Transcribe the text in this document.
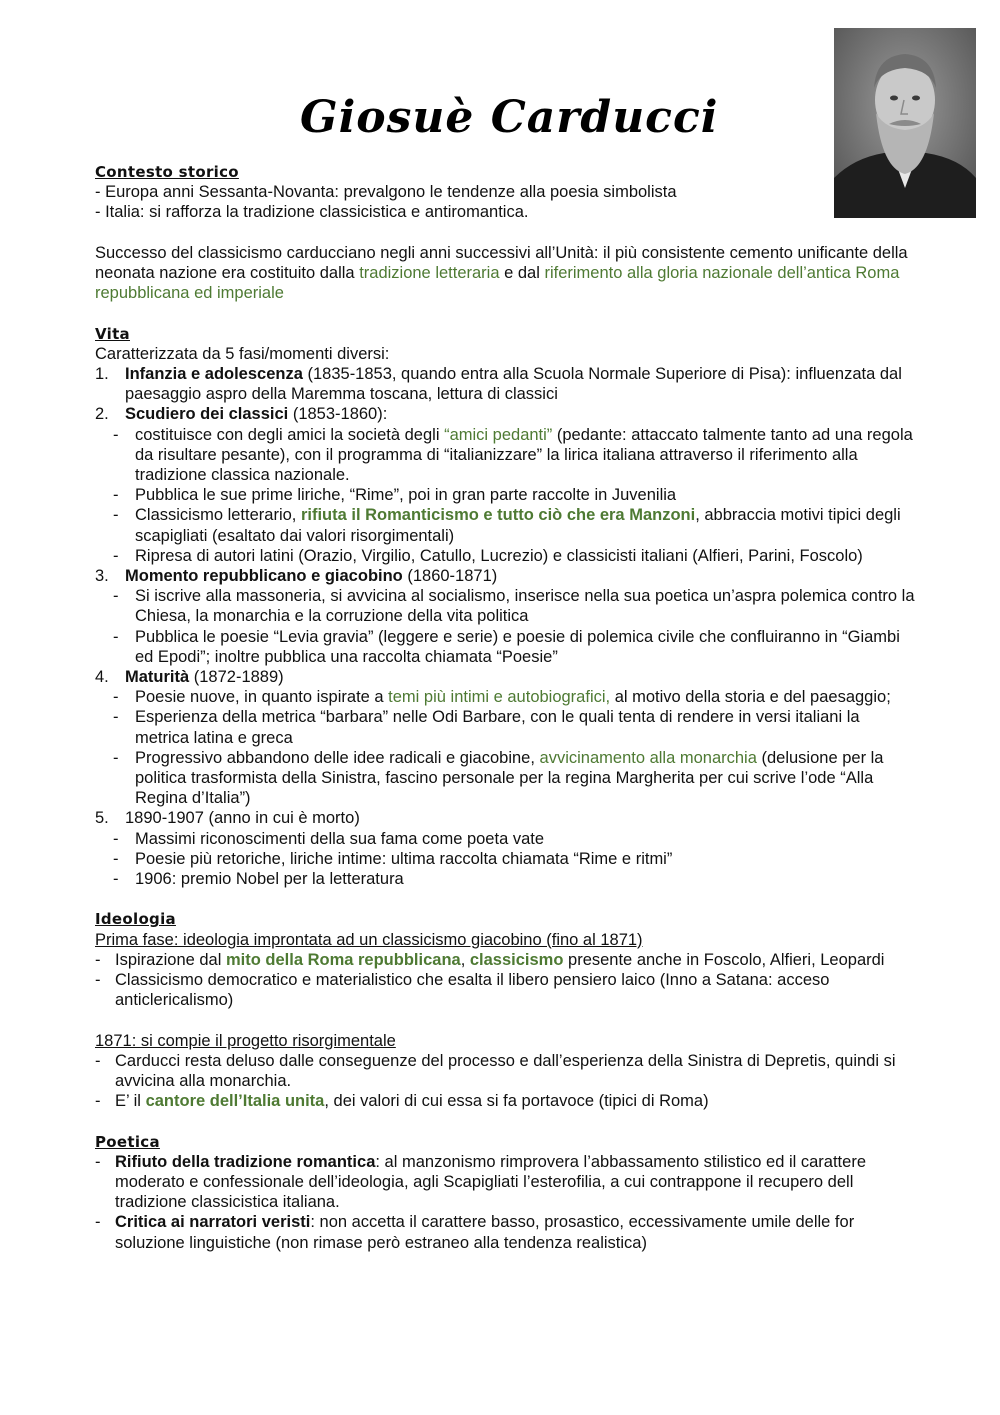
Giosuè Carducci
Contesto storico

- Europa anni Sessanta-Novanta: prevalgono le tendenze alla poesia simbolista

- Italia: si rafforza la tradizione classicistica e antiromantica.

Successo del classicismo carducciano negli anni successivi all’Unità: il più consistente cemento unificante della neonata nazione era costituito dalla tradizione letteraria e dal riferimento alla gloria nazionale dell’antica Roma repubblicana ed imperiale

Vita

Caratterizzata da 5 fasi/momenti diversi:

1. Infanzia e adolescenza (1835-1853, quando entra alla Scuola Normale Superiore di Pisa): influenzata dal paesaggio aspro della Maremma toscana, lettura di classici
2. Scudiero dei classici (1853-1860):
-	costituisce con degli amici la società degli “amici pedanti” (pedante: attaccato talmente tanto ad una regola da risultare pesante), con il programma di “italianizzare” la lirica italiana attraverso il riferimento alla tradizione classica nazionale.
-	Pubblica le sue prime liriche, “Rime”, poi in gran parte raccolte in Juvenilia
-	Classicismo letterario, rifiuta il Romanticismo e tutto ciò che era Manzoni, abbraccia motivi tipici degli scapigliati (esaltato dai valori risorgimentali)
-	Ripresa di autori latini (Orazio, Virgilio, Catullo, Lucrezio) e classicisti italiani (Alfieri, Parini, Foscolo)
3. Momento repubblicano e giacobino (1860-1871)
-	Si iscrive alla massoneria, si avvicina al socialismo, inserisce nella sua poetica un’aspra polemica contro la Chiesa, la monarchia e la corruzione della vita politica
-	Pubblica le poesie “Levia gravia” (leggere e serie) e poesie di polemica civile che confluiranno in “Giambi ed Epodi”; inoltre pubblica una raccolta chiamata “Poesie”
4. Maturità (1872-1889)
-	Poesie nuove, in quanto ispirate a temi più intimi e autobiografici, al motivo della storia e del paesaggio;
-	Esperienza della metrica “barbara” nelle Odi Barbare, con le quali tenta di rendere in versi italiani la metrica latina e greca
-	Progressivo abbandono delle idee radicali e giacobine, avvicinamento alla monarchia (delusione per la politica trasformista della Sinistra, fascino personale per la regina Margherita per cui scrive l’ode “Alla Regina d’Italia”)
5. 1890-1907 (anno in cui è morto)
-	Massimi riconoscimenti della sua fama come poeta vate
-	Poesie più retoriche, liriche intime: ultima raccolta chiamata “Rime e ritmi”
-	1906: premio Nobel per la letteratura
Ideologia

Prima fase: ideologia improntata ad un classicismo giacobino (fino al 1871)

- Ispirazione dal mito della Roma repubblicana, classicismo presente anche in Foscolo, Alfieri, Leopardi
- Classicismo democratico e materialistico che esalta il libero pensiero laico (Inno a Satana: acceso anticlericalismo)

1871: si compie il progetto risorgimentale

- Carducci resta deluso dalle conseguenze del processo e dall’esperienza della Sinistra di Depretis, quindi si avvicina alla monarchia.
- E’ il cantore dell’Italia unita, dei valori di cui essa si fa portavoce (tipici di Roma)
Poetica
- Rifiuto della tradizione romantica: al manzonismo rimprovera l’abbassamento stilistico ed il carattere moderato e confessionale dell’ideologia, agli Scapigliati l’esterofilia, a cui contrappone il recupero dell tradizione classicistica italiana.
- Critica ai narratori veristi: non accetta il carattere basso, prosastico, eccessivamente umile delle for soluzione linguistiche (non rimase però estraneo alla tendenza realistica)
